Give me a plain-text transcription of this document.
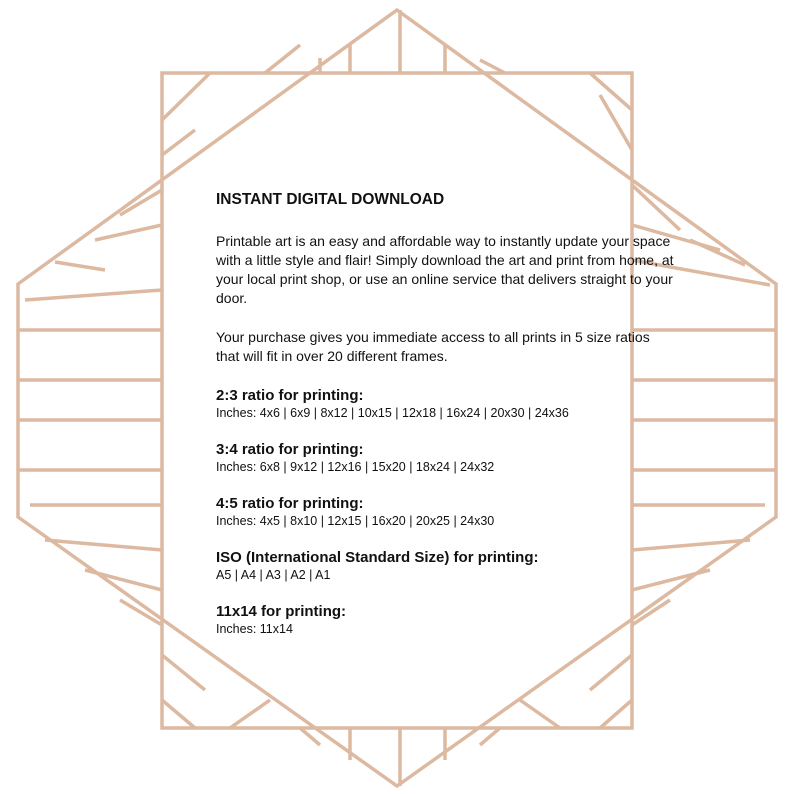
INSTANT DIGITAL DOWNLOAD

Printable art is an easy and affordable way to instantly update your space with a little style and flair! Simply download the art and print from home, at your local print shop, or use an online service that delivers straight to your door.

Your purchase gives you immediate access to all prints in 5 size ratios that will fit in over 20 different frames.

2:3 ratio for printing:
Inches: 4x6 | 6x9 | 8x12 | 10x15 | 12x18 | 16x24 | 20x30 | 24x36
3:4 ratio for printing:
Inches: 6x8 | 9x12 | 12x16 | 15x20 | 18x24 | 24x32
4:5 ratio for printing:
Inches: 4x5 | 8x10 | 12x15 | 16x20 | 20x25 | 24x30
ISO (International Standard Size) for printing:
A5 | A4 | A3 | A2 | A1
11x14 for printing:
Inches: 11x14
